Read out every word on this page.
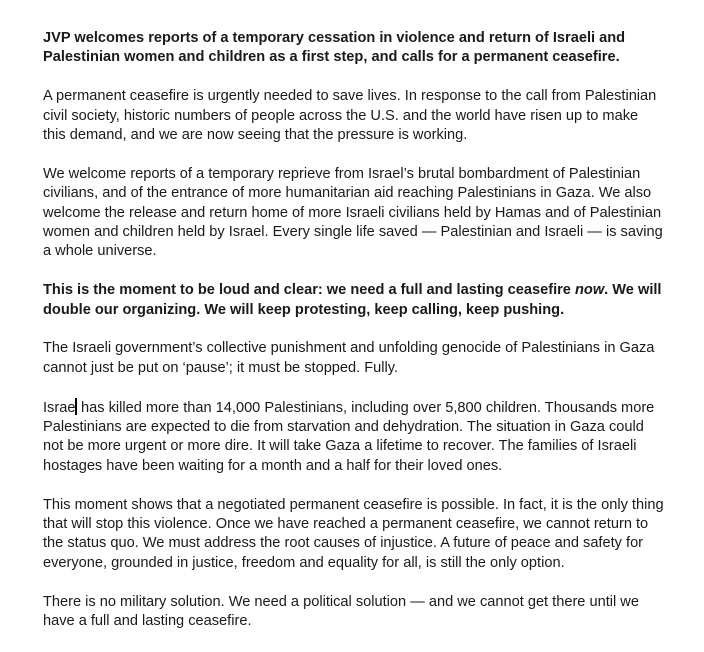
JVP welcomes reports of a temporary cessation in violence and return of Israeli and
Palestinian women and children as a first step, and calls for a permanent ceasefire.

A permanent ceasefire is urgently needed to save lives. In response to the call from Palestinian
civil society, historic numbers of people across the U.S. and the world have risen up to make
this demand, and we are now seeing that the pressure is working.

We welcome reports of a temporary reprieve from Israel’s brutal bombardment of Palestinian
civilians, and of the entrance of more humanitarian aid reaching Palestinians in Gaza. We also
welcome the release and return home of more Israeli civilians held by Hamas and of Palestinian
women and children held by Israel. Every single life saved — Palestinian and Israeli — is saving
a whole universe.

This is the moment to be loud and clear: we need a full and lasting ceasefire now. We will
double our organizing. We will keep protesting, keep calling, keep pushing.

The Israeli government’s collective punishment and unfolding genocide of Palestinians in Gaza
cannot just be put on ‘pause’; it must be stopped. Fully.

Israe has killed more than 14,000 Palestinians, including over 5,800 children. Thousands more
Palestinians are expected to die from starvation and dehydration. The situation in Gaza could
not be more urgent or more dire. It will take Gaza a lifetime to recover. The families of Israeli
hostages have been waiting for a month and a half for their loved ones.

This moment shows that a negotiated permanent ceasefire is possible. In fact, it is the only thing
that will stop this violence. Once we have reached a permanent ceasefire, we cannot return to
the status quo. We must address the root causes of injustice. A future of peace and safety for
everyone, grounded in justice, freedom and equality for all, is still the only option.

There is no military solution. We need a political solution — and we cannot get there until we
have a full and lasting ceasefire.
